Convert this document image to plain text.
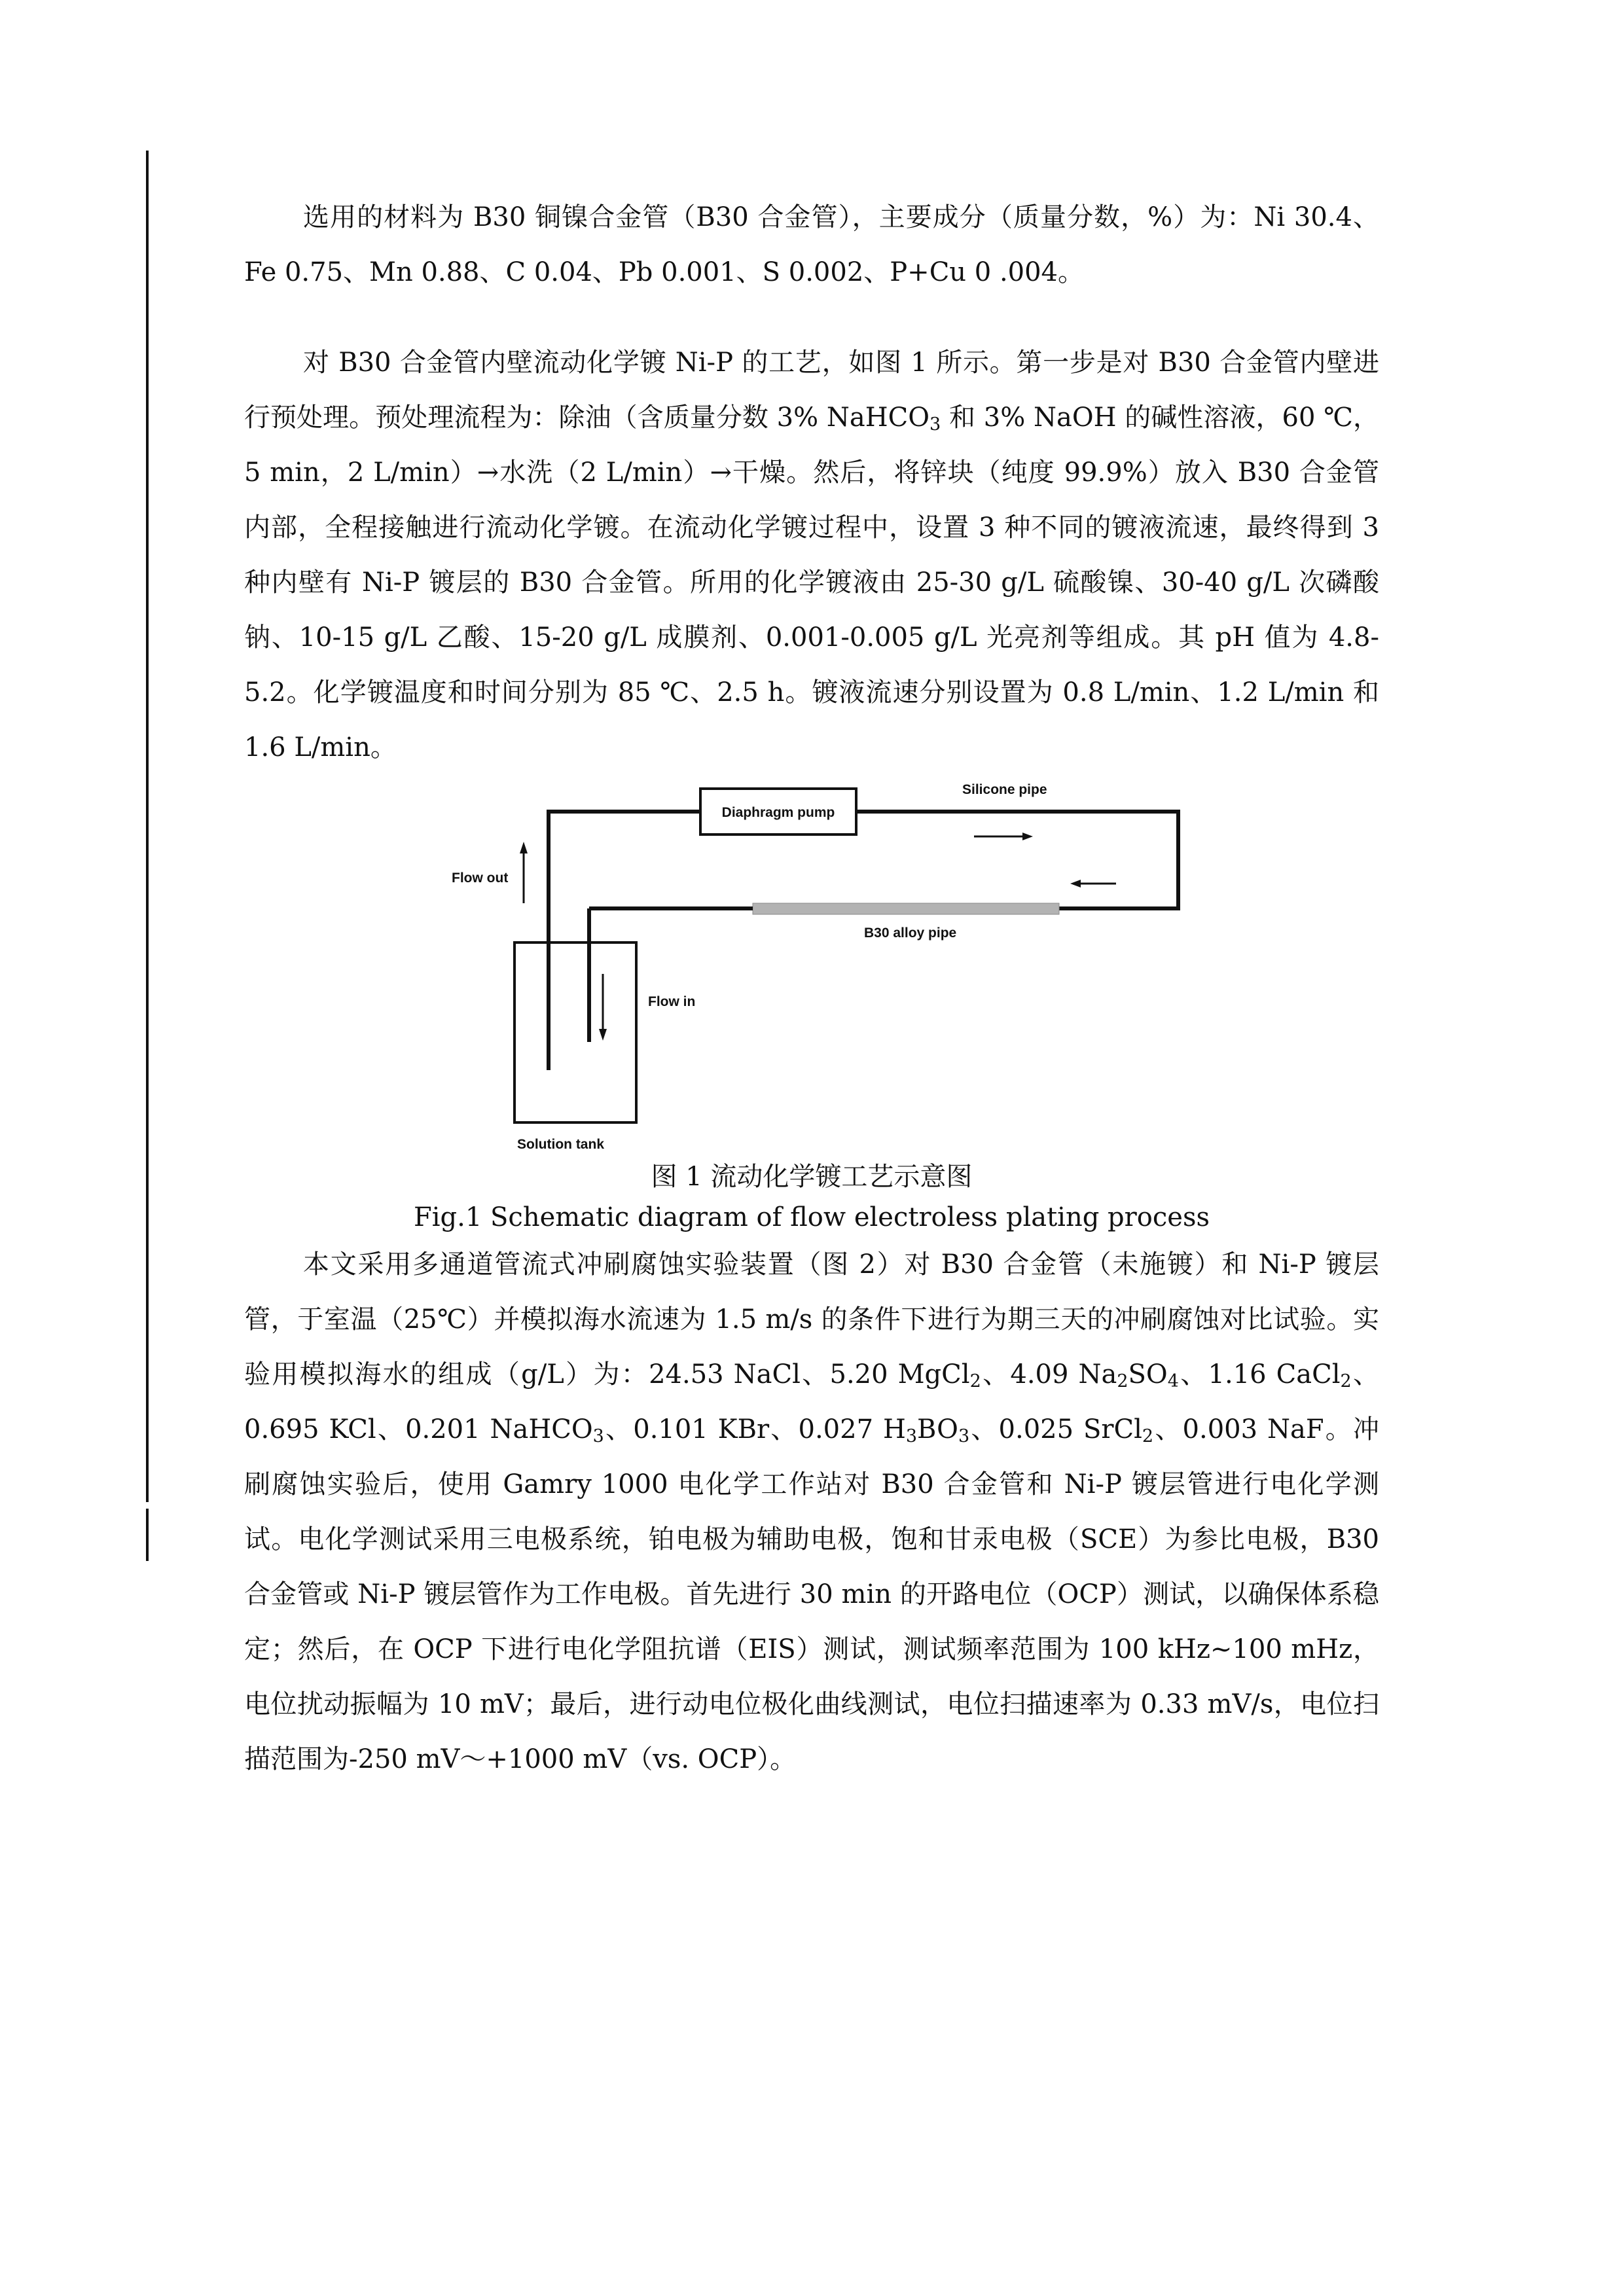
选用的材料为 B30 铜镍合金管（B30 合金管），主要成分（质量分数，%）为：Ni 30.4、Fe 0.75、Mn 0.88、C 0.04、Pb 0.001、S 0.002、P+Cu 0 .004。

对 B30 合金管内壁流动化学镀 Ni-P 的工艺，如图 1 所示。第一步是对 B30 合金管内壁进行预处理。预处理流程为：除油（含质量分数 3% NaHCO$_3$ 和 3% NaOH 的碱性溶液，60 ℃，5 min，2 L/min）→水洗（2 L/min）→干燥。然后，将锌块（纯度 99.9%）放入 B30 合金管内部，全程接触进行流动化学镀。在流动化学镀过程中，设置 3 种不同的镀液流速，最终得到 3 种内壁有 Ni-P 镀层的 B30 合金管。所用的化学镀液由 25-30 g/L 硫酸镍、30-40 g/L 次磷酸钠、10-15 g/L 乙酸、15-20 g/L 成膜剂、0.001-0.005 g/L 光亮剂等组成。其 pH 值为 4.8-5.2。化学镀温度和时间分别为 85 ℃、2.5 h。镀液流速分别设置为 0.8 L/min、1.2 L/min 和 1.6 L/min。

Diaphragm pump
Silicone pipe
B30 alloy pipe
Flow out
Flow in
Solution tank

图 1 流动化学镀工艺示意图

Fig.1 Schematic diagram of flow electroless plating process

本文采用多通道管流式冲刷腐蚀实验装置（图 2）对 B30 合金管（未施镀）和 Ni-P 镀层管，于室温（25℃）并模拟海水流速为 1.5 m/s 的条件下进行为期三天的冲刷腐蚀对比试验。实验用模拟海水的组成（g/L）为：24.53 NaCl、5.20 MgCl$_2$、4.09 $Na_2SO_4$、1.16 CaCl$_2$、0.695 KCl、0.201 NaHCO$_3$、0.101 KBr、0.027 $H_3BO_3$、0.025 SrCl$_2$、0.003 NaF。冲刷腐蚀实验后，使用 Gamry 1000 电化学工作站对 B30 合金管和 Ni-P 镀层管进行电化学测试。电化学测试采用三电极系统，铂电极为辅助电极，饱和甘汞电极（SCE）为参比电极，B30 合金管或 Ni-P 镀层管作为工作电极。首先进行 30 min 的开路电位（OCP）测试，以确保体系稳定；然后，在 OCP 下进行电化学阻抗谱（EIS）测试，测试频率范围为 100 kHz~100 mHz，电位扰动振幅为 10 mV；最后，进行动电位极化曲线测试，电位扫描速率为 0.33 mV/s，电位扫描范围为-250 mV～+1000 mV（vs. OCP）。
